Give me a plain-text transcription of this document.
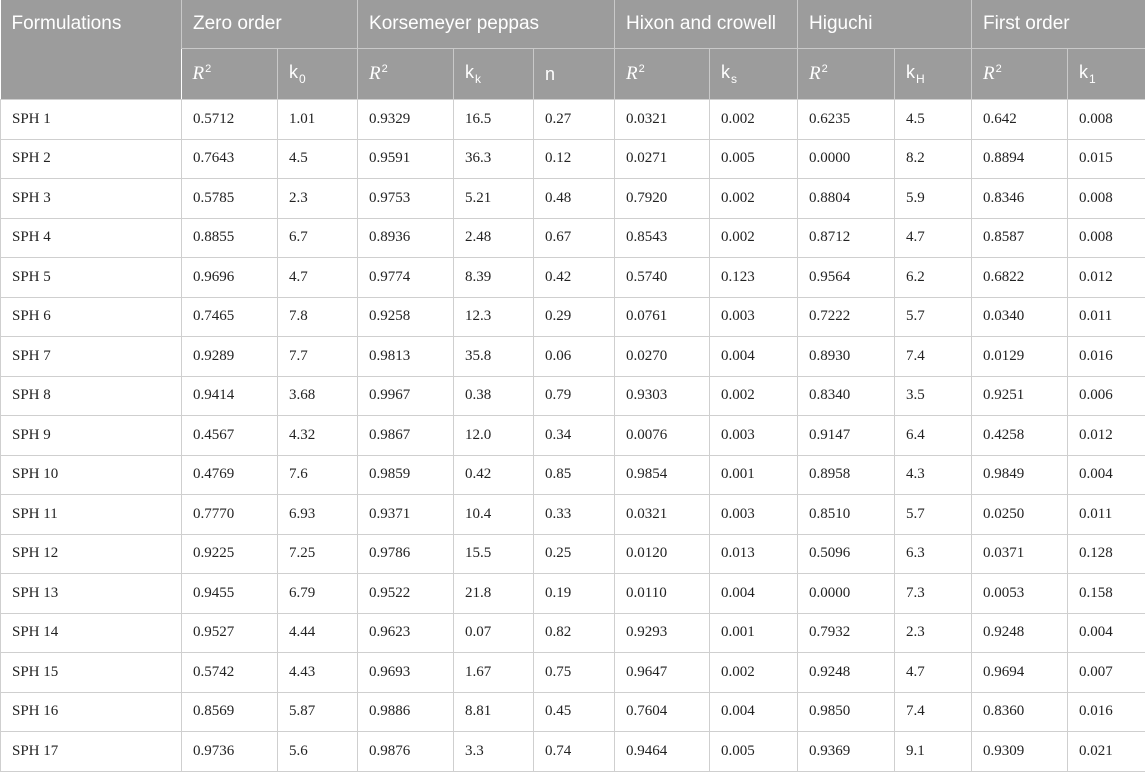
Formulations	Zero order		Korsemeyer peppas			Hixon and crowell		Higuchi		First order	
	$R^2$	$k_0$	$R^2$	$k_k$	n	$R^2$	$k_s$	$R^2$	$k_H$	$R^2$	$k_1$
SPH 1	0.5712	1.01	0.9329	16.5	0.27	0.0321	0.002	0.6235	4.5	0.642	0.008
SPH 2	0.7643	4.5	0.9591	36.3	0.12	0.0271	0.005	0.0000	8.2	0.8894	0.015
SPH 3	0.5785	2.3	0.9753	5.21	0.48	0.7920	0.002	0.8804	5.9	0.8346	0.008
SPH 4	0.8855	6.7	0.8936	2.48	0.67	0.8543	0.002	0.8712	4.7	0.8587	0.008
SPH 5	0.9696	4.7	0.9774	8.39	0.42	0.5740	0.123	0.9564	6.2	0.6822	0.012
SPH 6	0.7465	7.8	0.9258	12.3	0.29	0.0761	0.003	0.7222	5.7	0.0340	0.011
SPH 7	0.9289	7.7	0.9813	35.8	0.06	0.0270	0.004	0.8930	7.4	0.0129	0.016
SPH 8	0.9414	3.68	0.9967	0.38	0.79	0.9303	0.002	0.8340	3.5	0.9251	0.006
SPH 9	0.4567	4.32	0.9867	12.0	0.34	0.0076	0.003	0.9147	6.4	0.4258	0.012
SPH 10	0.4769	7.6	0.9859	0.42	0.85	0.9854	0.001	0.8958	4.3	0.9849	0.004
SPH 11	0.7770	6.93	0.9371	10.4	0.33	0.0321	0.003	0.8510	5.7	0.0250	0.011
SPH 12	0.9225	7.25	0.9786	15.5	0.25	0.0120	0.013	0.5096	6.3	0.0371	0.128
SPH 13	0.9455	6.79	0.9522	21.8	0.19	0.0110	0.004	0.0000	7.3	0.0053	0.158
SPH 14	0.9527	4.44	0.9623	0.07	0.82	0.9293	0.001	0.7932	2.3	0.9248	0.004
SPH 15	0.5742	4.43	0.9693	1.67	0.75	0.9647	0.002	0.9248	4.7	0.9694	0.007
SPH 16	0.8569	5.87	0.9886	8.81	0.45	0.7604	0.004	0.9850	7.4	0.8360	0.016
SPH 17	0.9736	5.6	0.9876	3.3	0.74	0.9464	0.005	0.9369	9.1	0.9309	0.021
